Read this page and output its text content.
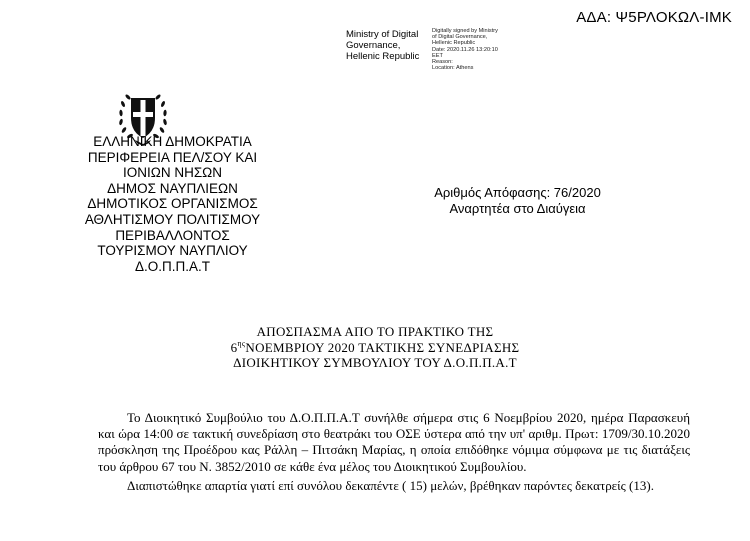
ΑΔΑ: Ψ5ΡΛΟΚΩΛ-ΙΜΚ
Ministry of Digital
Governance,
Hellenic Republic
Digitally signed by Ministry
of Digital Governance,
Hellenic Republic
Date: 2020.11.26 13:20:10
EET
Reason:
Location: Athens
ΕΛΛΗΝΙΚΗ ΔΗΜΟΚΡΑΤΙΑ
ΠΕΡΙΦΕΡΕΙΑ ΠΕΛ/ΣΟΥ ΚΑΙ
ΙΟΝΙΩΝ ΝΗΣΩΝ
ΔΗΜΟΣ ΝΑΥΠΛΙΕΩΝ
ΔΗΜΟΤΙΚΟΣ ΟΡΓΑΝΙΣΜΟΣ
ΑΘΛΗΤΙΣΜΟΥ ΠΟΛΙΤΙΣΜΟΥ
ΠΕΡΙΒΑΛΛΟΝΤΟΣ
ΤΟΥΡΙΣΜΟΥ ΝΑΥΠΛΙΟΥ
Δ.Ο.Π.Π.Α.Τ
Αριθμός Απόφασης: 76/2020
Αναρτητέα στο Διαύγεια
ΑΠΟΣΠΑΣΜΑ ΑΠΟ ΤΟ ΠΡΑΚΤΙΚΟ ΤΗΣ
$6^{\eta\varsigma}NOEMBPIO\Upsilon$ 2020 ΤΑΚΤΙΚΗΣ ΣΥΝΕΔΡΙΑΣΗΣ
ΔΙΟΙΚΗΤΙΚΟΥ ΣΥΜΒΟΥΛΙΟΥ ΤΟΥ Δ.Ο.Π.Π.Α.Τ

Το Διοικητικό Συμβούλιο του Δ.Ο.Π.Π.Α.Τ συνήλθε σήμερα στις 6 Νοεμβρίου 2020, ημέρα Παρασκευή και ώρα 14:00 σε τακτική συνεδρίαση στο θεατράκι του ΟΣΕ ύστερα από την υπ' αριθμ. Πρωτ: 1709/30.10.2020 πρόσκληση της Προέδρου κας Ράλλη – Πιτσάκη Μαρίας, η οποία επιδόθηκε νόμιμα σύμφωνα με τις διατάξεις του άρθρου 67 του Ν. 3852/2010 σε κάθε ένα μέλος του Διοικητικού Συμβουλίου.

Διαπιστώθηκε απαρτία γιατί επί συνόλου δεκαπέντε ( 15) μελών, βρέθηκαν παρόντες δεκατρείς (13).
